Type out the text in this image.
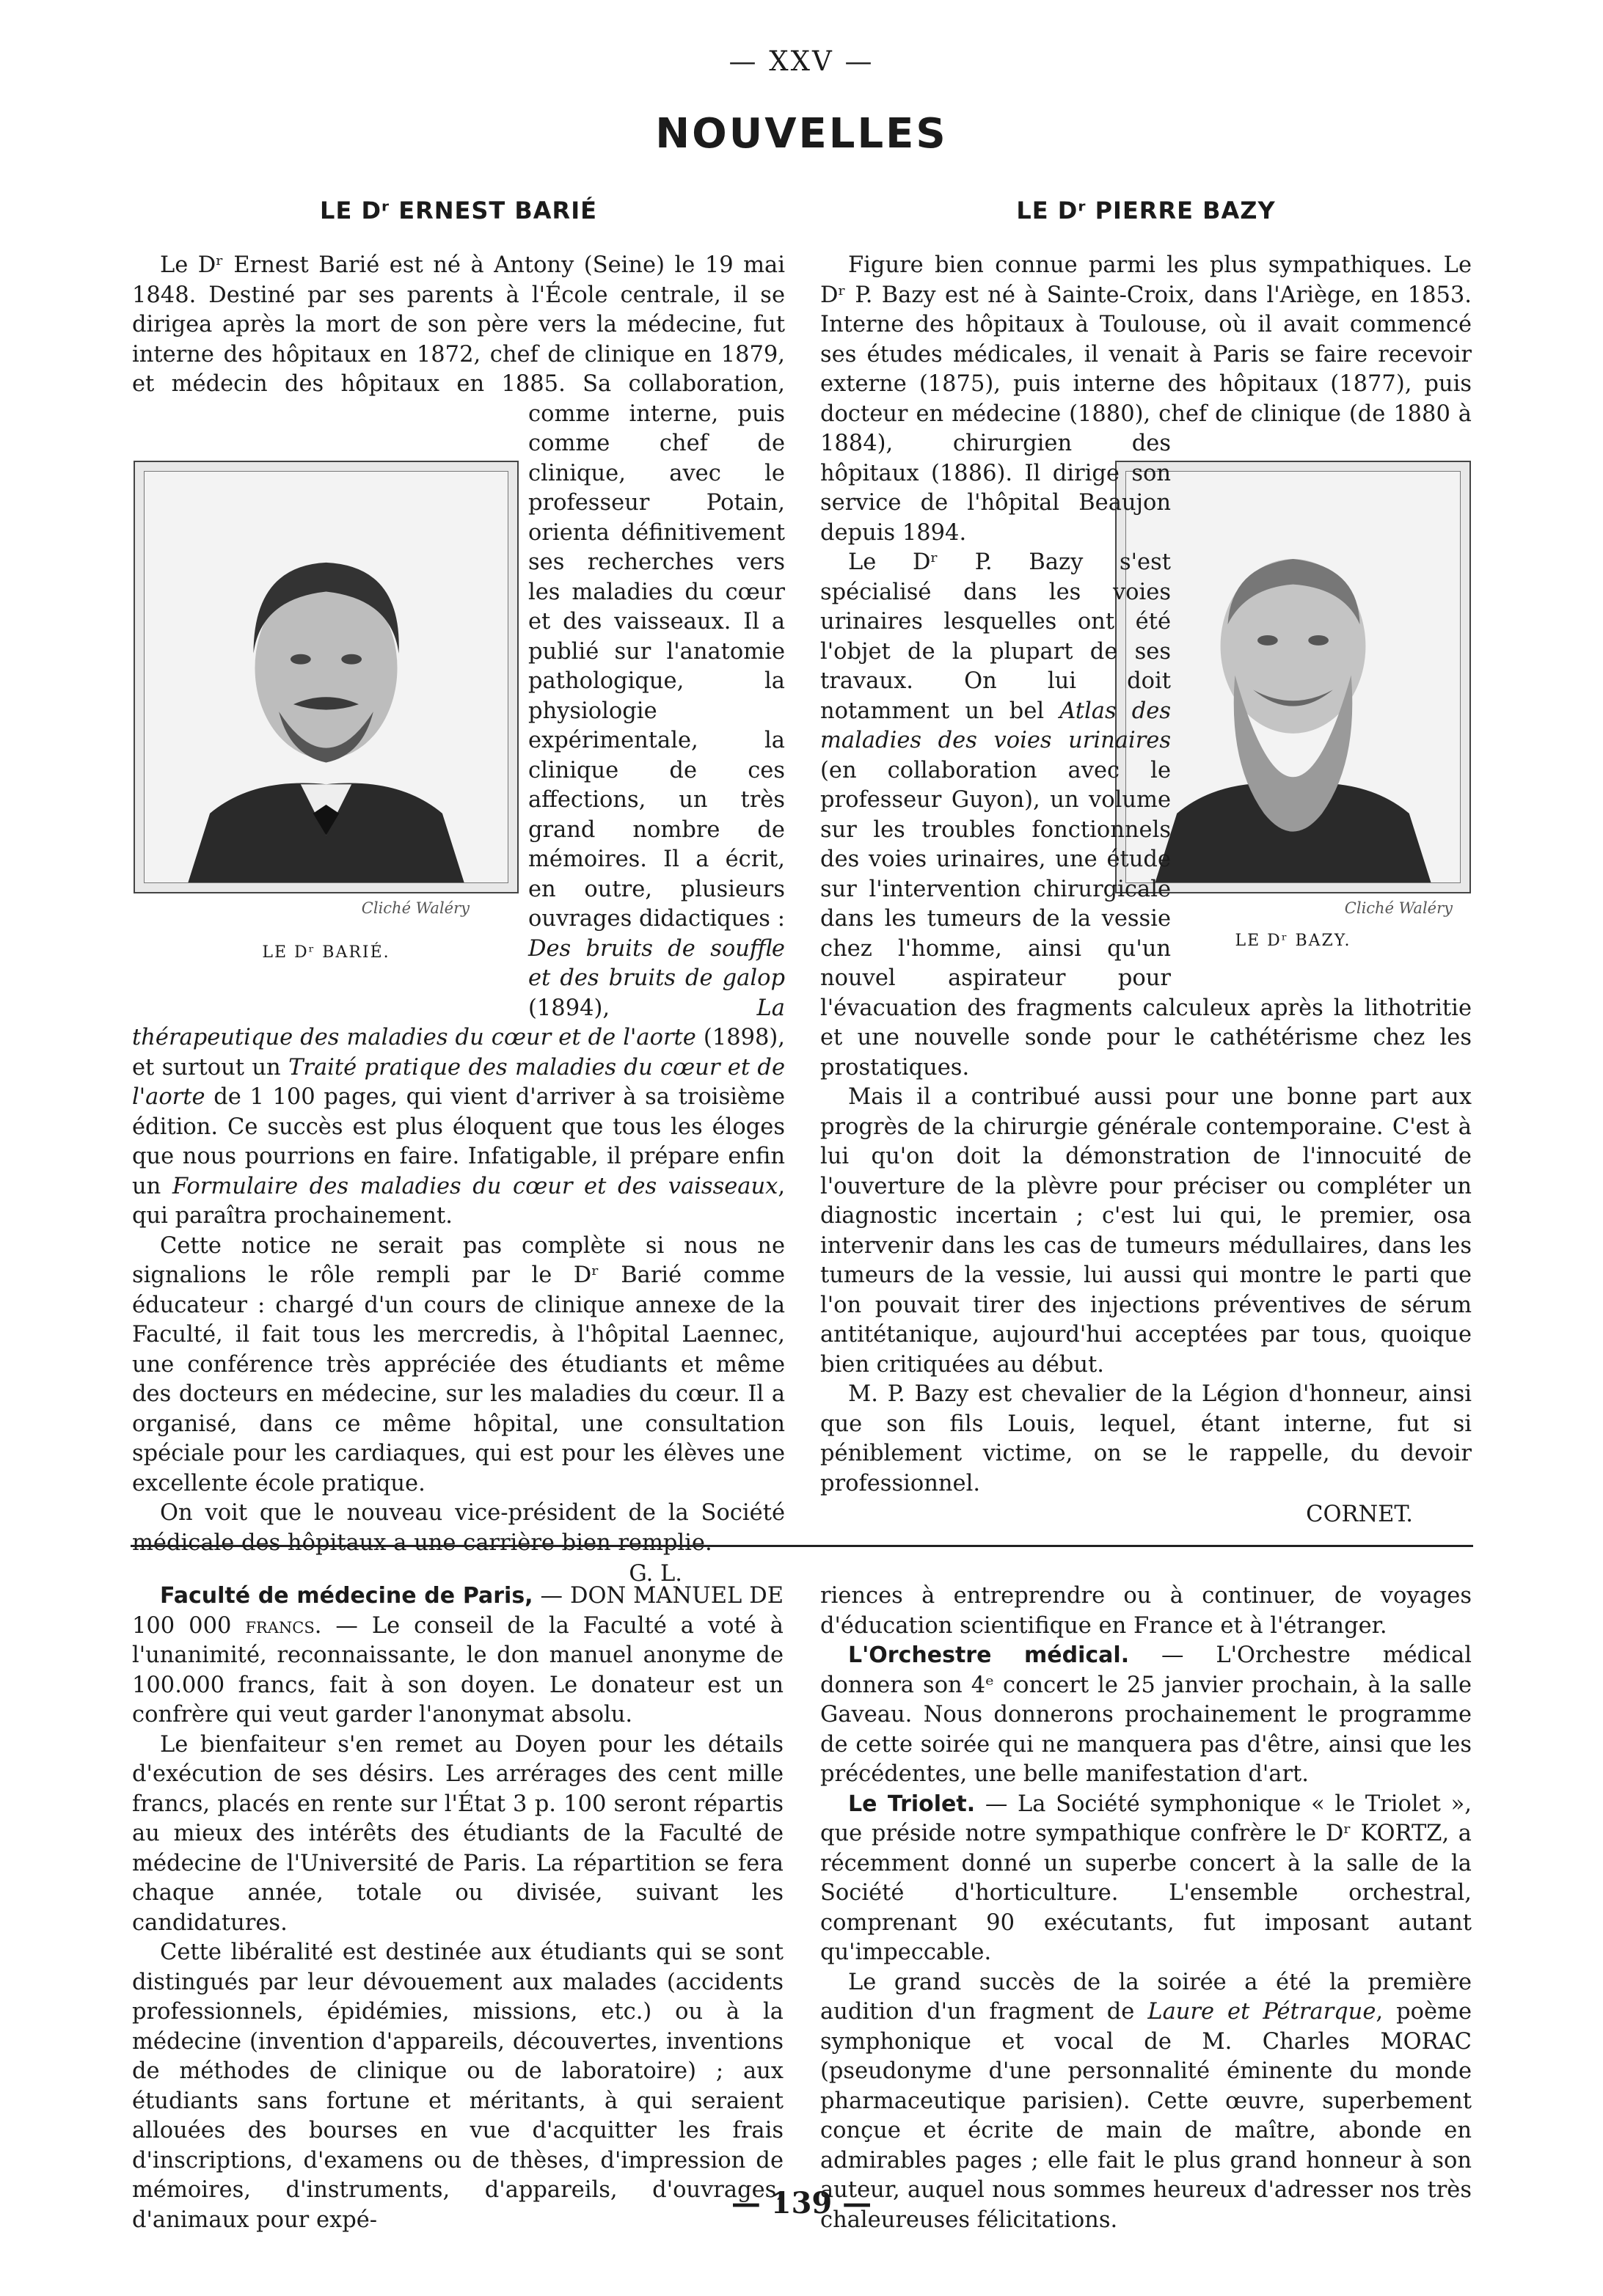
— XXV —
NOUVELLES
LE Dʳ ERNEST BARIÉ
Cliché Waléry
LE Dʳ BARIÉ.

Le Dʳ Ernest Barié est né à Antony (Seine) le 19 mai 1848. Destiné par ses parents à l'École centrale, il se dirigea après la mort de son père vers la médecine, fut interne des hôpitaux en 1872, chef de clinique en 1879, et médecin des hôpitaux en 1885. Sa collaboration, comme interne, puis comme chef de clinique, avec le professeur Potain, orienta définitivement ses recherches vers les maladies du cœur et des vaisseaux. Il a publié sur l'anatomie pathologique, la physiologie expérimentale, la clinique de ces affections, un très grand nombre de mémoires. Il a écrit, en outre, plusieurs ouvrages didactiques : Des bruits de souffle et des bruits de galop (1894), La thérapeutique des maladies du cœur et de l'aorte (1898), et surtout un Traité pratique des maladies du cœur et de l'aorte de 1 100 pages, qui vient d'arriver à sa troisième édition. Ce succès est plus éloquent que tous les éloges que nous pourrions en faire. Infatigable, il prépare enfin un Formulaire des maladies du cœur et des vaisseaux, qui paraîtra prochainement.

Cette notice ne serait pas complète si nous ne signalions le rôle rempli par le Dʳ Barié comme éducateur : chargé d'un cours de clinique annexe de la Faculté, il fait tous les mercredis, à l'hôpital Laennec, une conférence très appréciée des étudiants et même des docteurs en médecine, sur les maladies du cœur. Il a organisé, dans ce même hôpital, une consultation spéciale pour les cardiaques, qui est pour les élèves une excellente école pratique.

On voit que le nouveau vice-président de la Société médicale des hôpitaux a une carrière bien remplie.

G. L.
LE Dʳ PIERRE BAZY
Cliché Waléry
LE Dʳ BAZY.

Figure bien connue parmi les plus sympathiques. Le Dʳ P. Bazy est né à Sainte-Croix, dans l'Ariège, en 1853. Interne des hôpitaux à Toulouse, où il avait commencé ses études médicales, il venait à Paris se faire recevoir externe (1875), puis interne des hôpitaux (1877), puis docteur en médecine (1880), chef de clinique (de 1880 à 1884), chirurgien des hôpitaux (1886). Il dirige son service de l'hôpital Beaujon depuis 1894.

Le Dʳ P. Bazy s'est spécialisé dans les voies urinaires lesquelles ont été l'objet de la plupart de ses travaux. On lui doit notamment un bel Atlas des maladies des voies urinaires (en collaboration avec le professeur Guyon), un volume sur les troubles fonctionnels des voies urinaires, une étude sur l'intervention chirurgicale dans les tumeurs de la vessie chez l'homme, ainsi qu'un nouvel aspirateur pour l'évacuation des fragments calculeux après la lithotritie et une nouvelle sonde pour le cathétérisme chez les prostatiques.

Mais il a contribué aussi pour une bonne part aux progrès de la chirurgie générale contemporaine. C'est à lui qu'on doit la démonstration de l'innocuité de l'ouverture de la plèvre pour préciser ou compléter un diagnostic incertain ; c'est lui qui, le premier, osa intervenir dans les cas de tumeurs médullaires, dans les tumeurs de la vessie, lui aussi qui montre le parti que l'on pouvait tirer des injections préventives de sérum antitétanique, aujourd'hui acceptées par tous, quoique bien critiquées au début.

M. P. Bazy est chevalier de la Légion d'honneur, ainsi que son fils Louis, lequel, étant interne, fut si péniblement victime, on se le rappelle, du devoir professionnel.

CORNET.

Faculté de médecine de Paris, — DON MANUEL DE 100 000 francs. — Le conseil de la Faculté a voté à l'unanimité, reconnaissante, le don manuel anonyme de 100.000 francs, fait à son doyen. Le donateur est un confrère qui veut garder l'anonymat absolu.

Le bienfaiteur s'en remet au Doyen pour les détails d'exécution de ses désirs. Les arrérages des cent mille francs, placés en rente sur l'État 3 p. 100 seront répartis au mieux des intérêts des étudiants de la Faculté de médecine de l'Université de Paris. La répartition se fera chaque année, totale ou divisée, suivant les candidatures.

Cette libéralité est destinée aux étudiants qui se sont distingués par leur dévouement aux malades (accidents professionnels, épidémies, missions, etc.) ou à la médecine (invention d'appareils, découvertes, inventions de méthodes de clinique ou de laboratoire) ; aux étudiants sans fortune et méritants, à qui seraient allouées des bourses en vue d'acquitter les frais d'inscriptions, d'examens ou de thèses, d'impression de mémoires, d'instruments, d'appareils, d'ouvrages, d'animaux pour expé-

riences à entreprendre ou à continuer, de voyages d'éducation scientifique en France et à l'étranger.

L'Orchestre médical. — L'Orchestre médical donnera son 4ᵉ concert le 25 janvier prochain, à la salle Gaveau. Nous donnerons prochainement le programme de cette soirée qui ne manquera pas d'être, ainsi que les précédentes, une belle manifestation d'art.

Le Triolet. — La Société symphonique « le Triolet », que préside notre sympathique confrère le Dʳ KORTZ, a récemment donné un superbe concert à la salle de la Société d'horticulture. L'ensemble orchestral, comprenant 90 exécutants, fut imposant autant qu'impeccable.

Le grand succès de la soirée a été la première audition d'un fragment de Laure et Pétrarque, poème symphonique et vocal de M. Charles MORAC (pseudonyme d'une personnalité éminente du monde pharmaceutique parisien). Cette œuvre, superbement conçue et écrite de main de maître, abonde en admirables pages ; elle fait le plus grand honneur à son auteur, auquel nous sommes heureux d'adresser nos très chaleureuses félicitations.

— 139 —
